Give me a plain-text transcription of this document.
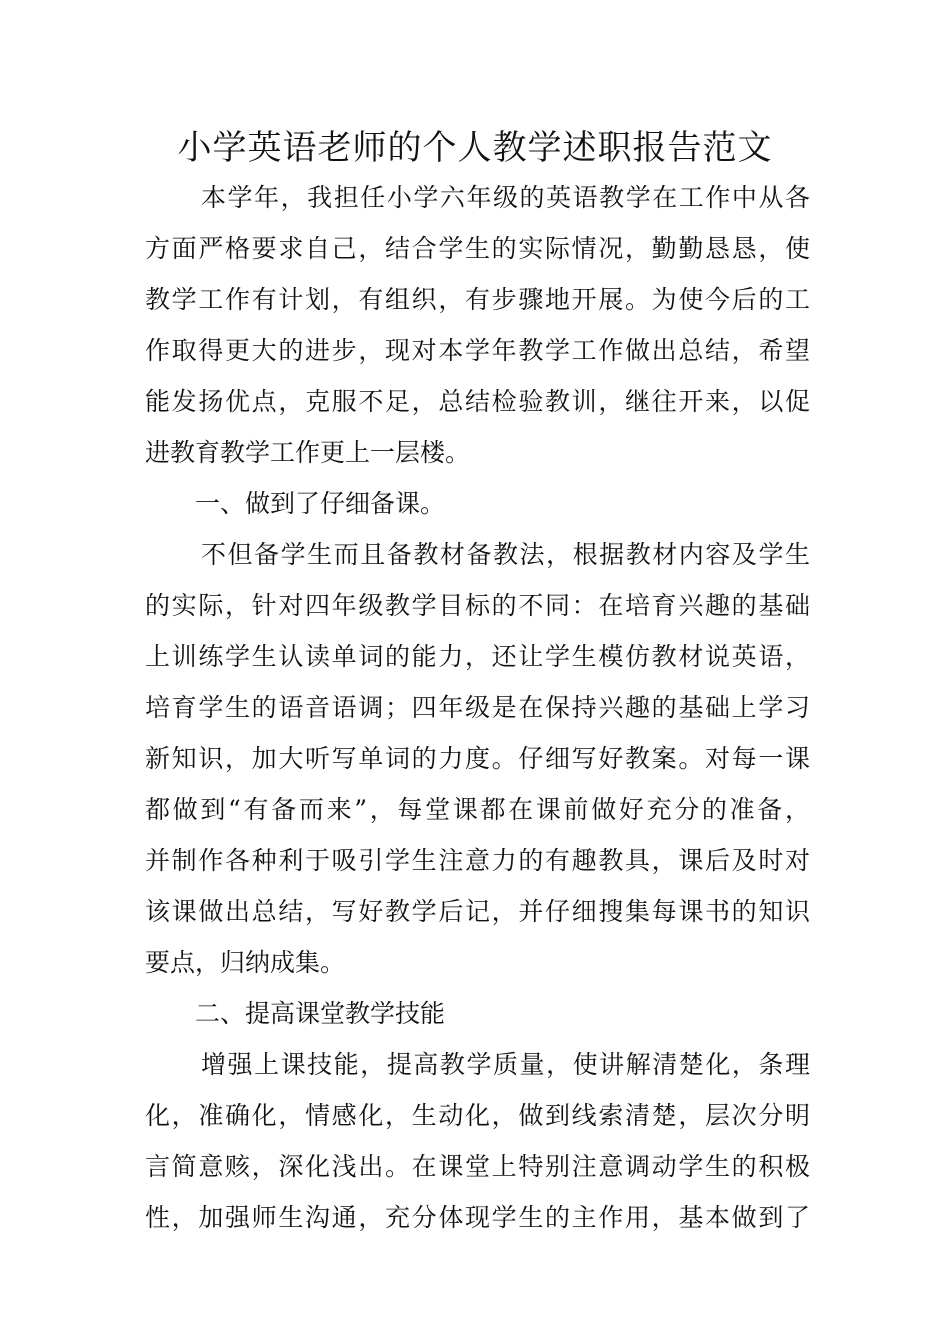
小学英语老师的个人教学述职报告范文
本学年，我担任小学六年级的英语教学在工作中从各
方面严格要求自己，结合学生的实际情况，勤勤恳恳，使
教学工作有计划，有组织，有步骤地开展。为使今后的工
作取得更大的进步，现对本学年教学工作做出总结，希望
能发扬优点，克服不足，总结检验教训，继往开来，以促
进教育教学工作更上一层楼。
一、做到了仔细备课。
不但备学生而且备教材备教法，根据教材内容及学生
的实际，针对四年级教学目标的不同：在培育兴趣的基础
上训练学生认读单词的能力，还让学生模仿教材说英语，
培育学生的语音语调；四年级是在保持兴趣的基础上学习
新知识，加大听写单词的力度。仔细写好教案。对每一课
都做到“有备而来”，每堂课都在课前做好充分的准备，
并制作各种利于吸引学生注意力的有趣教具，课后及时对
该课做出总结，写好教学后记，并仔细搜集每课书的知识
要点，归纳成集。
二、提高课堂教学技能
增强上课技能，提高教学质量，使讲解清楚化，条理
化，准确化，情感化，生动化，做到线索清楚，层次分明
言简意赅，深化浅出。在课堂上特别注意调动学生的积极
性，加强师生沟通，充分体现学生的主作用，基本做到了
